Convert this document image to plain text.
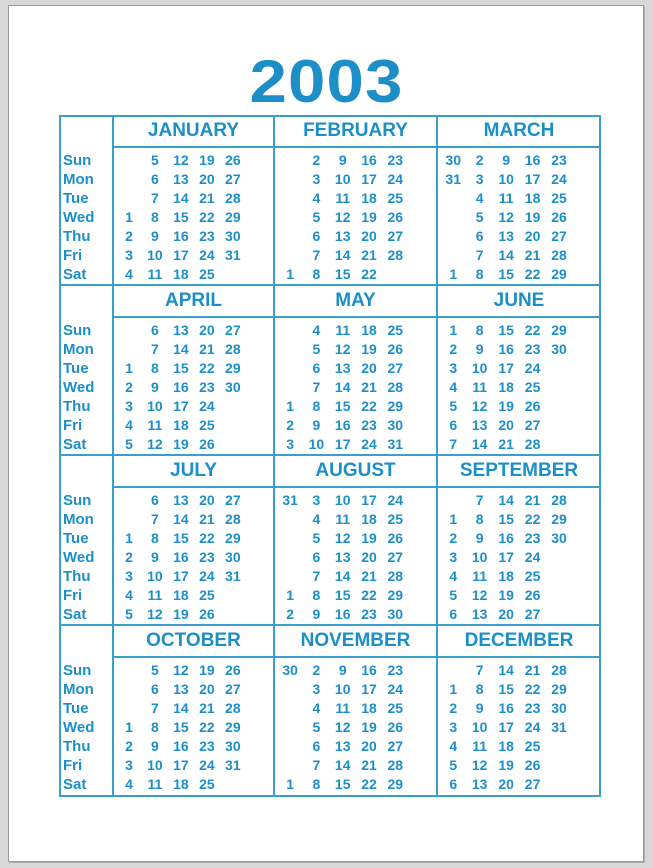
2003
Sun
Mon
Tue
Wed
Thu
Fri
Sat
Sun
Mon
Tue
Wed
Thu
Fri
Sat
Sun
Mon
Tue
Wed
Thu
Fri
Sat
Sun
Mon
Tue
Wed
Thu
Fri
Sat
JANUARY
1
2
3
4
5
6
7
8
9
10
11
12
13
14
15
16
17
18
19
20
21
22
23
24
25
26
27
28
29
30
31
FEBRUARY
1
2
3
4
5
6
7
8
9
10
11
12
13
14
15
16
17
18
19
20
21
22
23
24
25
26
27
28
MARCH
1
2
3
4
5
6
7
8
9
10
11
12
13
14
15
16
17
18
19
20
21
22
23
24
25
26
27
28
29
30
31
APRIL
1
2
3
4
5
6
7
8
9
10
11
12
13
14
15
16
17
18
19
20
21
22
23
24
25
26
27
28
29
30
MAY
1
2
3
4
5
6
7
8
9
10
11
12
13
14
15
16
17
18
19
20
21
22
23
24
25
26
27
28
29
30
31
JUNE
1
2
3
4
5
6
7
8
9
10
11
12
13
14
15
16
17
18
19
20
21
22
23
24
25
26
27
28
29
30
JULY
1
2
3
4
5
6
7
8
9
10
11
12
13
14
15
16
17
18
19
20
21
22
23
24
25
26
27
28
29
30
31
AUGUST
1
2
3
4
5
6
7
8
9
10
11
12
13
14
15
16
17
18
19
20
21
22
23
24
25
26
27
28
29
30
31
SEPTEMBER
1
2
3
4
5
6
7
8
9
10
11
12
13
14
15
16
17
18
19
20
21
22
23
24
25
26
27
28
29
30
OCTOBER
1
2
3
4
5
6
7
8
9
10
11
12
13
14
15
16
17
18
19
20
21
22
23
24
25
26
27
28
29
30
31
NOVEMBER
1
2
3
4
5
6
7
8
9
10
11
12
13
14
15
16
17
18
19
20
21
22
23
24
25
26
27
28
29
30
DECEMBER
1
2
3
4
5
6
7
8
9
10
11
12
13
14
15
16
17
18
19
20
21
22
23
24
25
26
27
28
29
30
31
